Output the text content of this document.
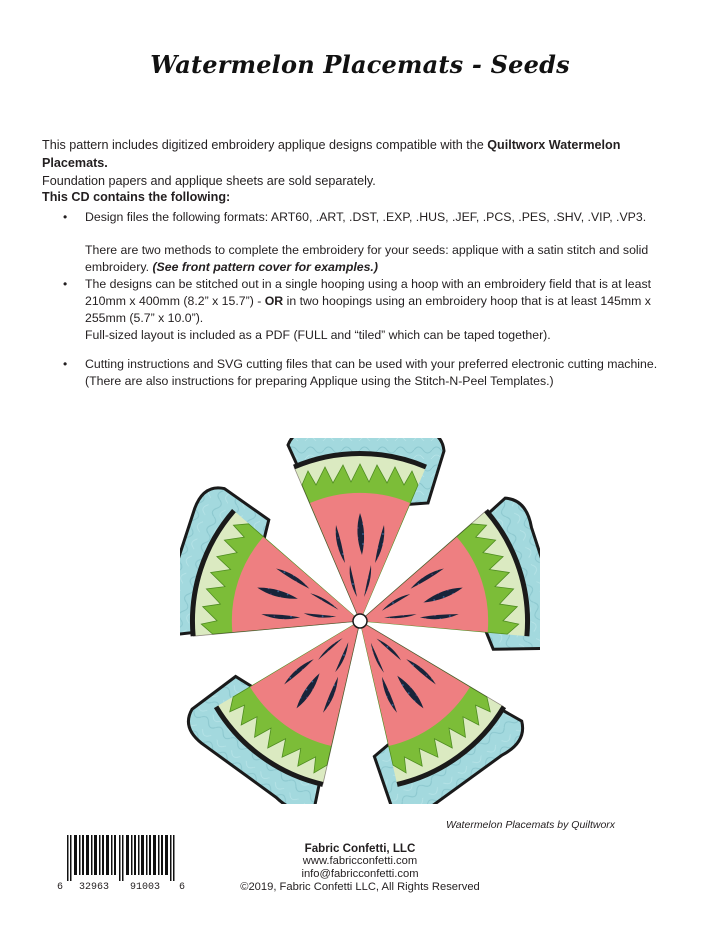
Watermelon Placemats - Seeds
This pattern includes digitized embroidery applique designs compatible with the Quiltworx Watermelon Placemats.
Foundation papers and applique sheets are sold separately.
This CD contains the following:
• Design files the following formats: ART60, .ART, .DST, .EXP, .HUS, .JEF, .PCS, .PES, .SHV, .VIP, .VP3.
There are two methods to complete the embroidery for your seeds: applique with a satin stitch and solid
embroidery. (See front pattern cover for examples.)
• The designs can be stitched out in a single hooping using a hoop with an embroidery field that is at least
210mm x 400mm (8.2” x 15.7”) - OR in two hoopings using an embroidery hoop that is at least 145mm x
255mm (5.7” x 10.0”).
Full-sized layout is included as a PDF (FULL and “tiled” which can be taped together).
• Cutting instructions and SVG cutting files that can be used with your preferred electronic cutting machine.
(There are also instructions for preparing Applique using the Stitch-N-Peel Templates.)
Watermelon Placemats by Quiltworx
6 32963 91003 6
Fabric Confetti, LLC
www.fabricconfetti.com
info@fabricconfetti.com
©2019, Fabric Confetti LLC, All Rights Reserved
